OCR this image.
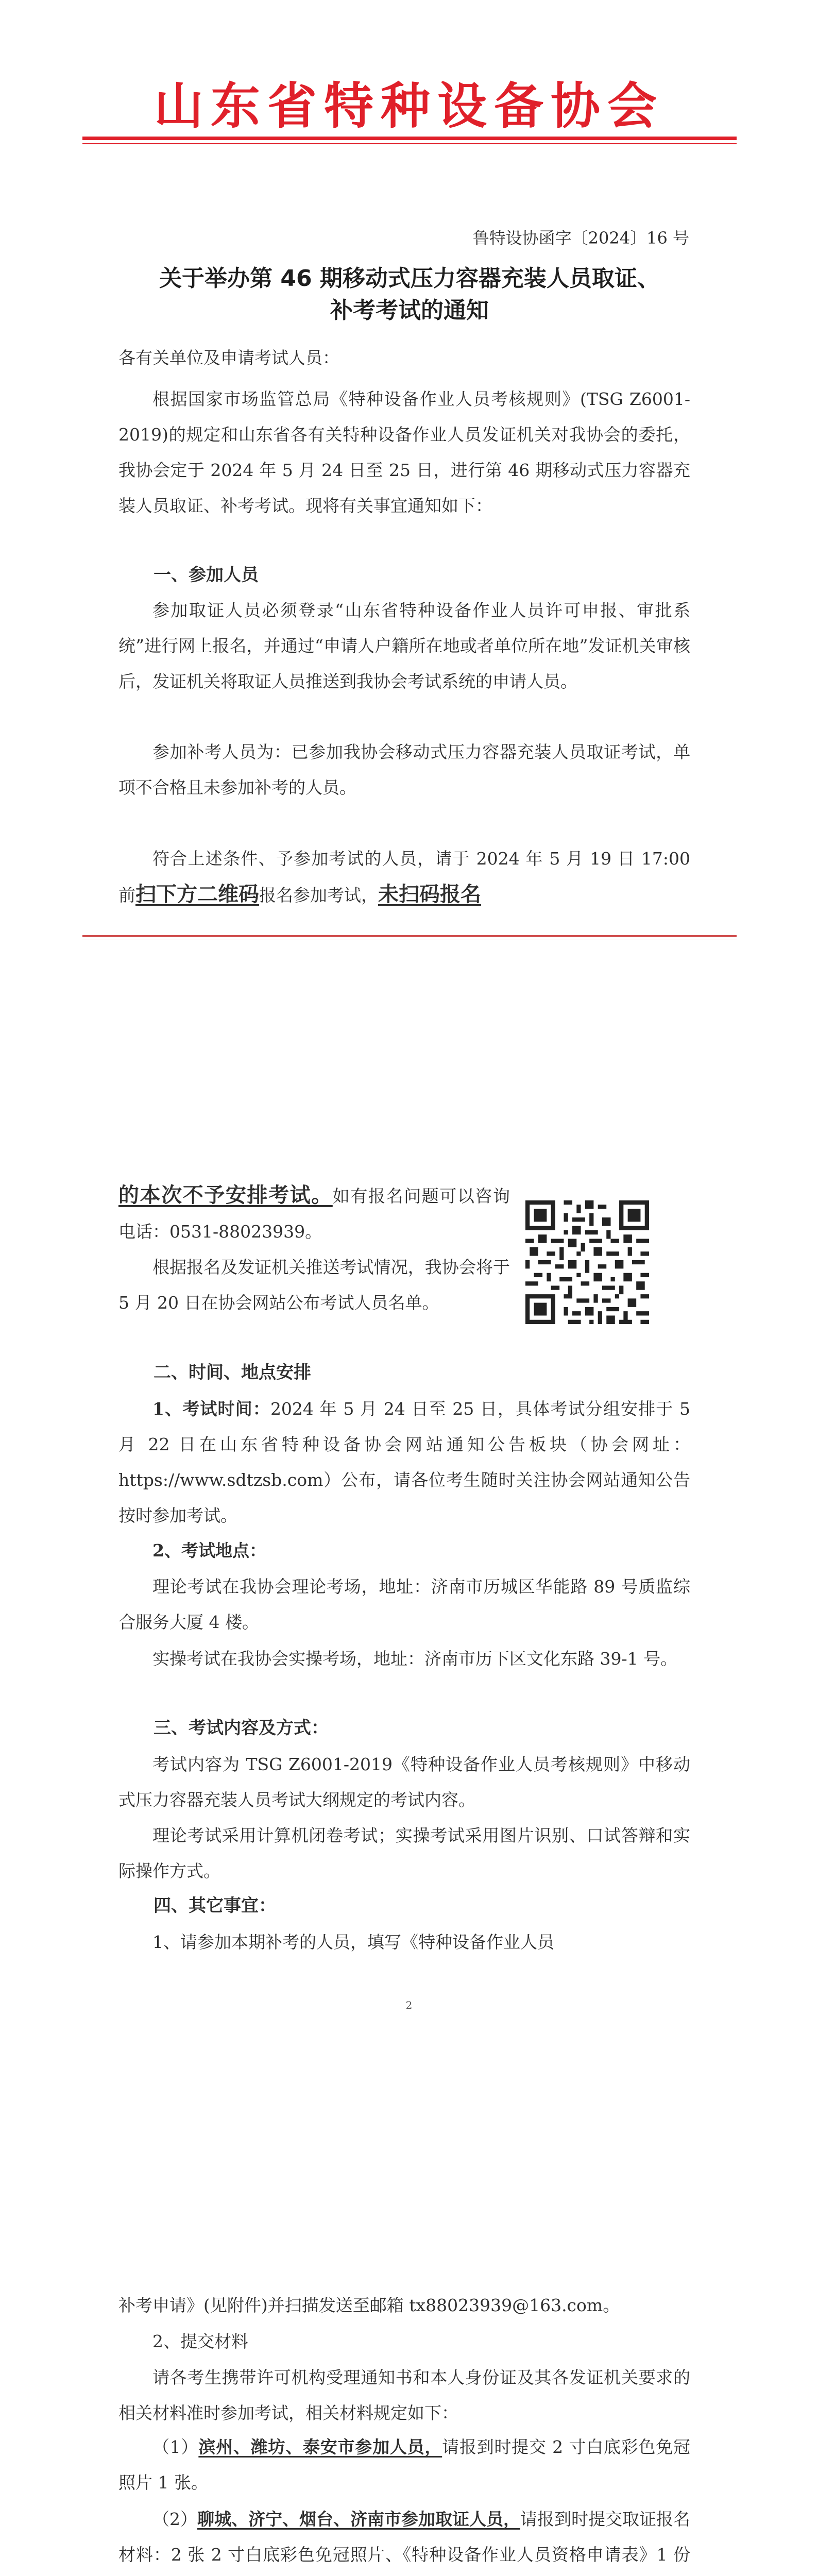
山东省特种设备协会
鲁特设协函字〔2024〕16 号
关于举办第 46 期移动式压力容器充装人员取证、
补考考试的通知
各有关单位及申请考试人员：
根据国家市场监管总局《特种设备作业人员考核规则》(TSG Z6001-2019)的规定和山东省各有关特种设备作业人员发证机关对我协会的委托，我协会定于 2024 年 5 月 24 日至 25 日，进行第 46 期移动式压力容器充装人员取证、补考考试。现将有关事宜通知如下：
一、参加人员
参加取证人员必须登录“山东省特种设备作业人员许可申报、审批系统”进行网上报名，并通过“申请人户籍所在地或者单位所在地”发证机关审核后，发证机关将取证人员推送到我协会考试系统的申请人员。
参加补考人员为：已参加我协会移动式压力容器充装人员取证考试，单项不合格且未参加补考的人员。
符合上述条件、予参加考试的人员，请于 2024 年 5 月 19 日 17:00 前扫下方二维码报名参加考试，未扫码报名
的本次不予安排考试。如有报名问题可以咨询电话：0531-88023939。
根据报名及发证机关推送考试情况，我协会将于 5 月 20 日在协会网站公布考试人员名单。
二、时间、地点安排
1、考试时间：2024 年 5 月 24 日至 25 日，具体考试分组安排于 5 月 22 日在山东省特种设备协会网站通知公告板块（协会网址：https://www.sdtzsb.com）公布，请各位考生随时关注协会网站通知公告按时参加考试。
2、考试地点：
理论考试在我协会理论考场，地址：济南市历城区华能路 89 号质监综合服务大厦 4 楼。
实操考试在我协会实操考场，地址：济南市历下区文化东路 39-1 号。
三、考试内容及方式：
考试内容为 TSG Z6001-2019《特种设备作业人员考核规则》中移动式压力容器充装人员考试大纲规定的考试内容。
理论考试采用计算机闭卷考试；实操考试采用图片识别、口试答辩和实际操作方式。
四、其它事宜：
1、请参加本期补考的人员，填写《特种设备作业人员
2
补考申请》(见附件)并扫描发送至邮箱 tx88023939@163.com。
2、提交材料
请各考生携带许可机构受理通知书和本人身份证及其各发证机关要求的相关材料准时参加考试，相关材料规定如下：
（1）滨州、潍坊、泰安市参加人员，请报到时提交 2 寸白底彩色免冠照片 1 张。
（2）聊城、济宁、烟台、济南市参加取证人员，请报到时提交取证报名材料：2 张 2 寸白底彩色免冠照片、《特种设备作业人员资格申请表》1 份
